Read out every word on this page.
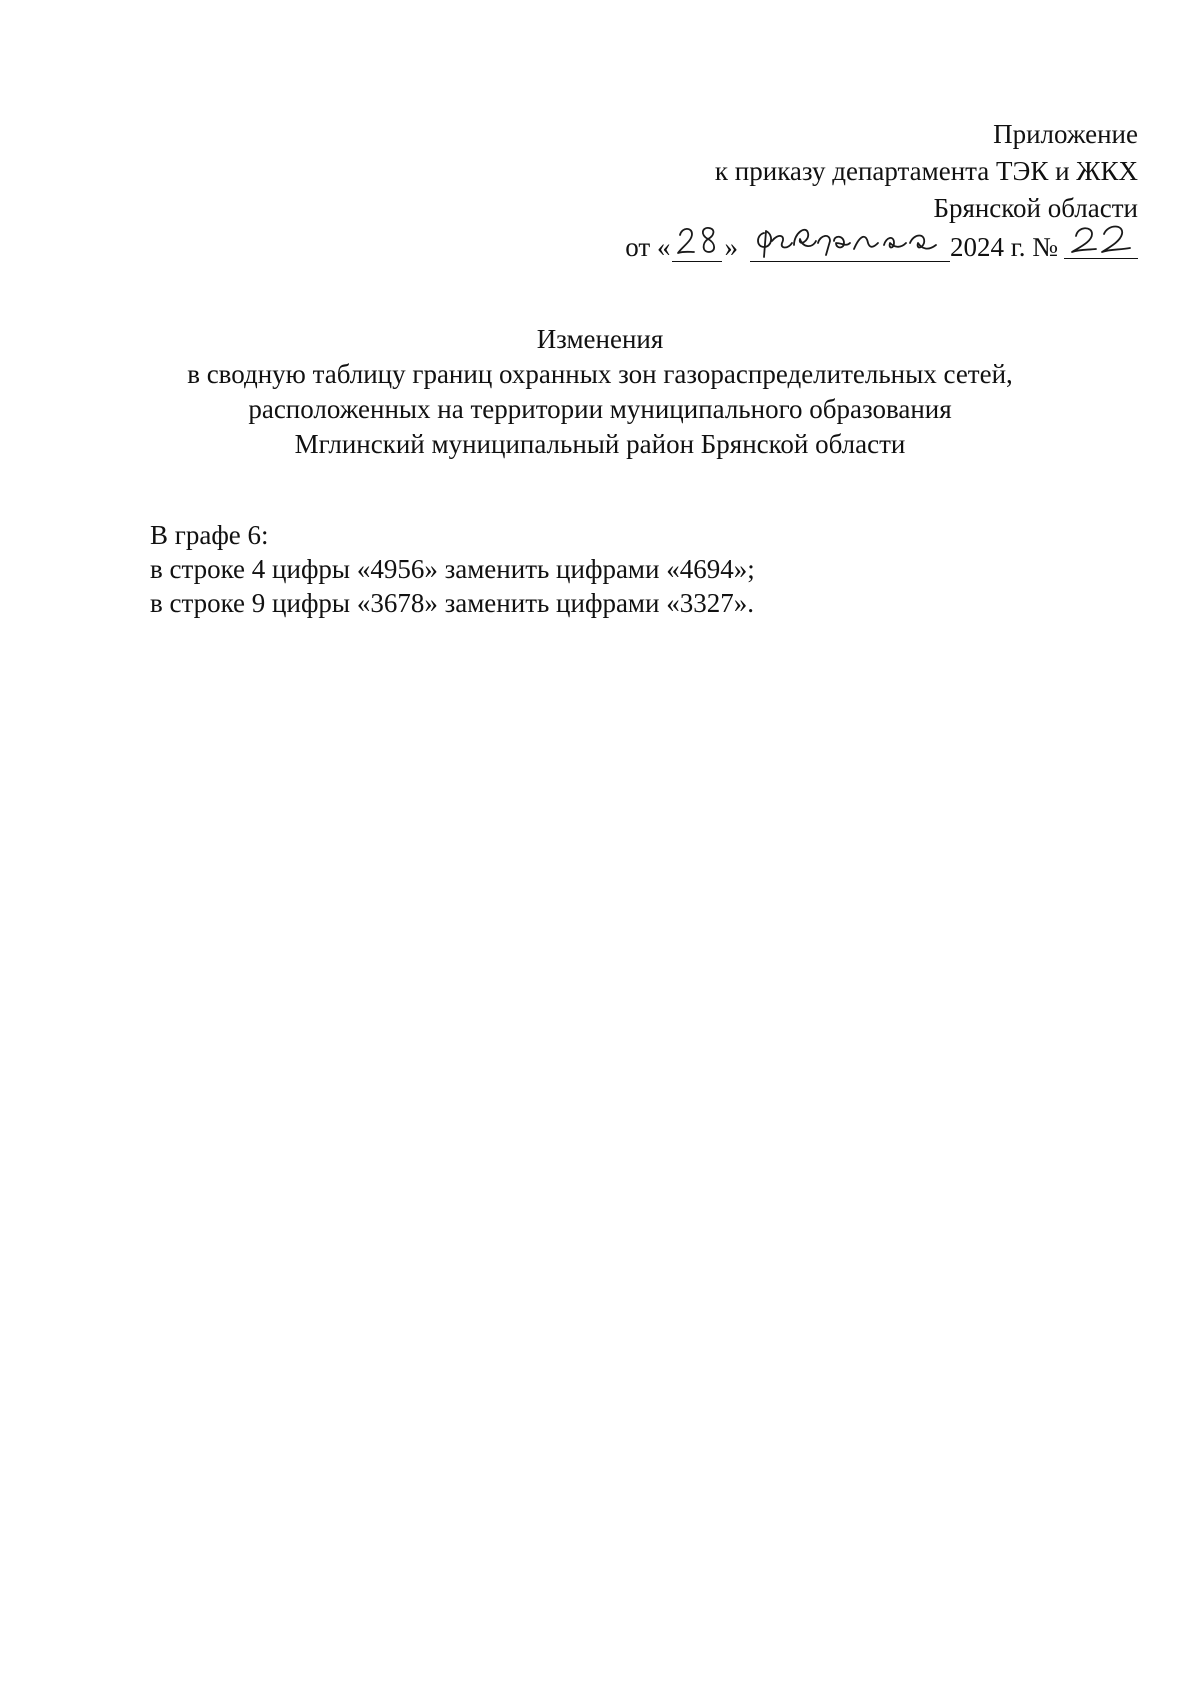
Приложение
к приказу департамента ТЭК и ЖКХ
Брянской области
от « »	2024 г. №
Изменения
в сводную таблицу границ охранных зон газораспределительных сетей,
расположенных на территории муниципального образования
Мглинский муниципальный район Брянской области
В графе 6:
в строке 4 цифры «4956» заменить цифрами «4694»;
в строке 9 цифры «3678» заменить цифрами «3327».
